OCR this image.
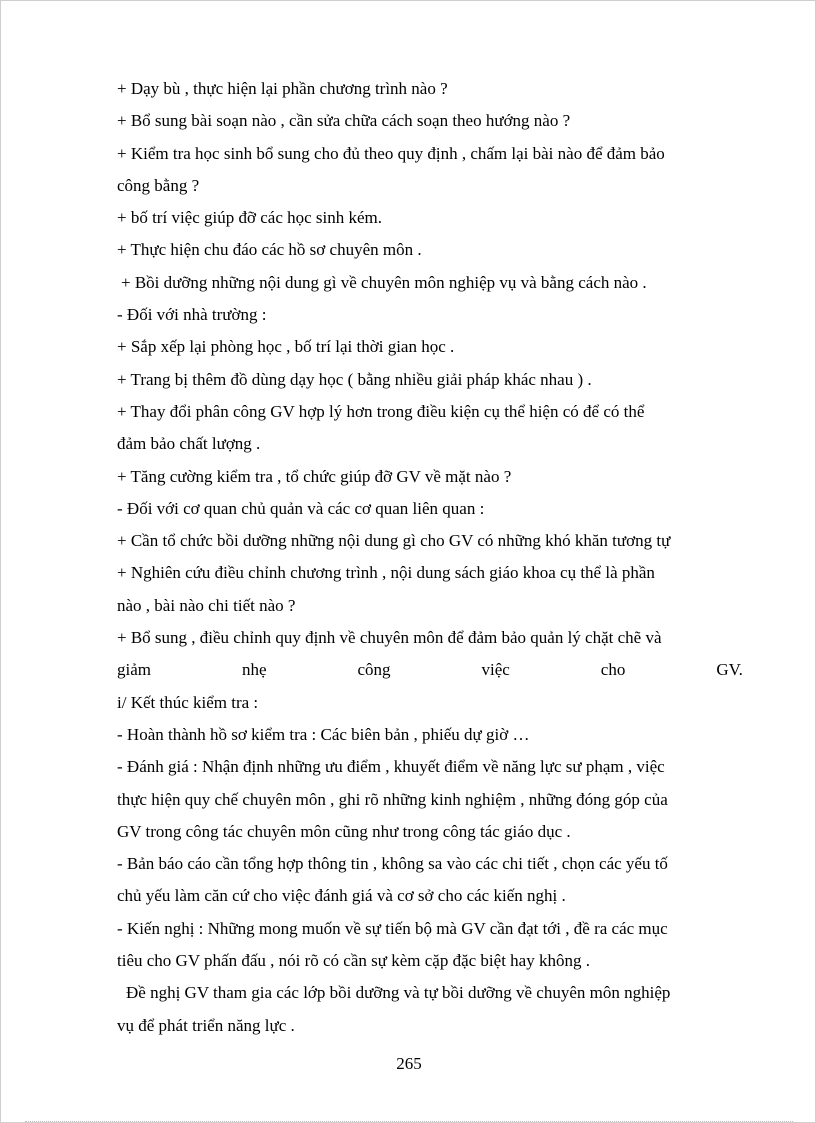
+ Dạy bù , thực hiện lại phần chương trình nào ?
+ Bổ sung bài soạn nào , cần sửa chữa cách soạn theo hướng nào ?
+ Kiểm tra học sinh bổ sung cho đủ theo quy định , chấm lại bài nào để đảm bảo
công bằng ?
+ bố trí việc giúp đỡ các học sinh kém.
+ Thực hiện chu đáo các hồ sơ chuyên môn .
+ Bồi dưỡng những nội dung gì về chuyên môn nghiệp vụ và bằng cách nào .
- Đối với nhà trường :
+ Sắp xếp lại phòng học , bố trí lại thời gian học .
+ Trang bị thêm đồ dùng dạy học ( bằng nhiều giải pháp khác nhau ) .
+ Thay đổi phân công GV hợp lý hơn trong điều kiện cụ thể hiện có để có thể
đảm bảo chất lượng .
+ Tăng cường kiểm tra , tổ chức giúp đỡ GV về mặt nào ?
- Đối với cơ quan chủ quản và các cơ quan liên quan :
+ Cần tổ chức bồi dưỡng những nội dung gì cho GV có những khó khăn tương tự
+ Nghiên cứu điều chỉnh chương trình , nội dung sách giáo khoa cụ thể là phần
nào , bài nào chi tiết nào ?
+ Bổ sung , điều chỉnh quy định về chuyên môn để đảm bảo quản lý chặt chẽ và
giảm	nhẹ	công	việc	cho	GV.
i/ Kết thúc kiểm tra :
- Hoàn thành hồ sơ kiểm tra : Các biên bản , phiếu dự giờ …
- Đánh giá : Nhận định những ưu điểm , khuyết điểm về năng lực sư phạm , việc
thực hiện quy chế chuyên môn , ghi rõ những kinh nghiệm , những đóng góp của
GV trong công tác chuyên môn cũng như trong công tác giáo dục .
- Bản báo cáo cần tổng hợp thông tin , không sa vào các chi tiết , chọn các yếu tố
chủ yếu làm căn cứ cho việc đánh giá và cơ sở cho các kiến nghị .
- Kiến nghị : Những mong muốn về sự tiến bộ mà GV cần đạt tới , đề ra các mục
tiêu cho GV phấn đấu , nói rõ có cần sự kèm cặp đặc biệt hay không .
Đề nghị GV tham gia các lớp bồi dưỡng và tự bồi dưỡng về chuyên môn nghiệp
vụ để phát triển năng lực .
265
